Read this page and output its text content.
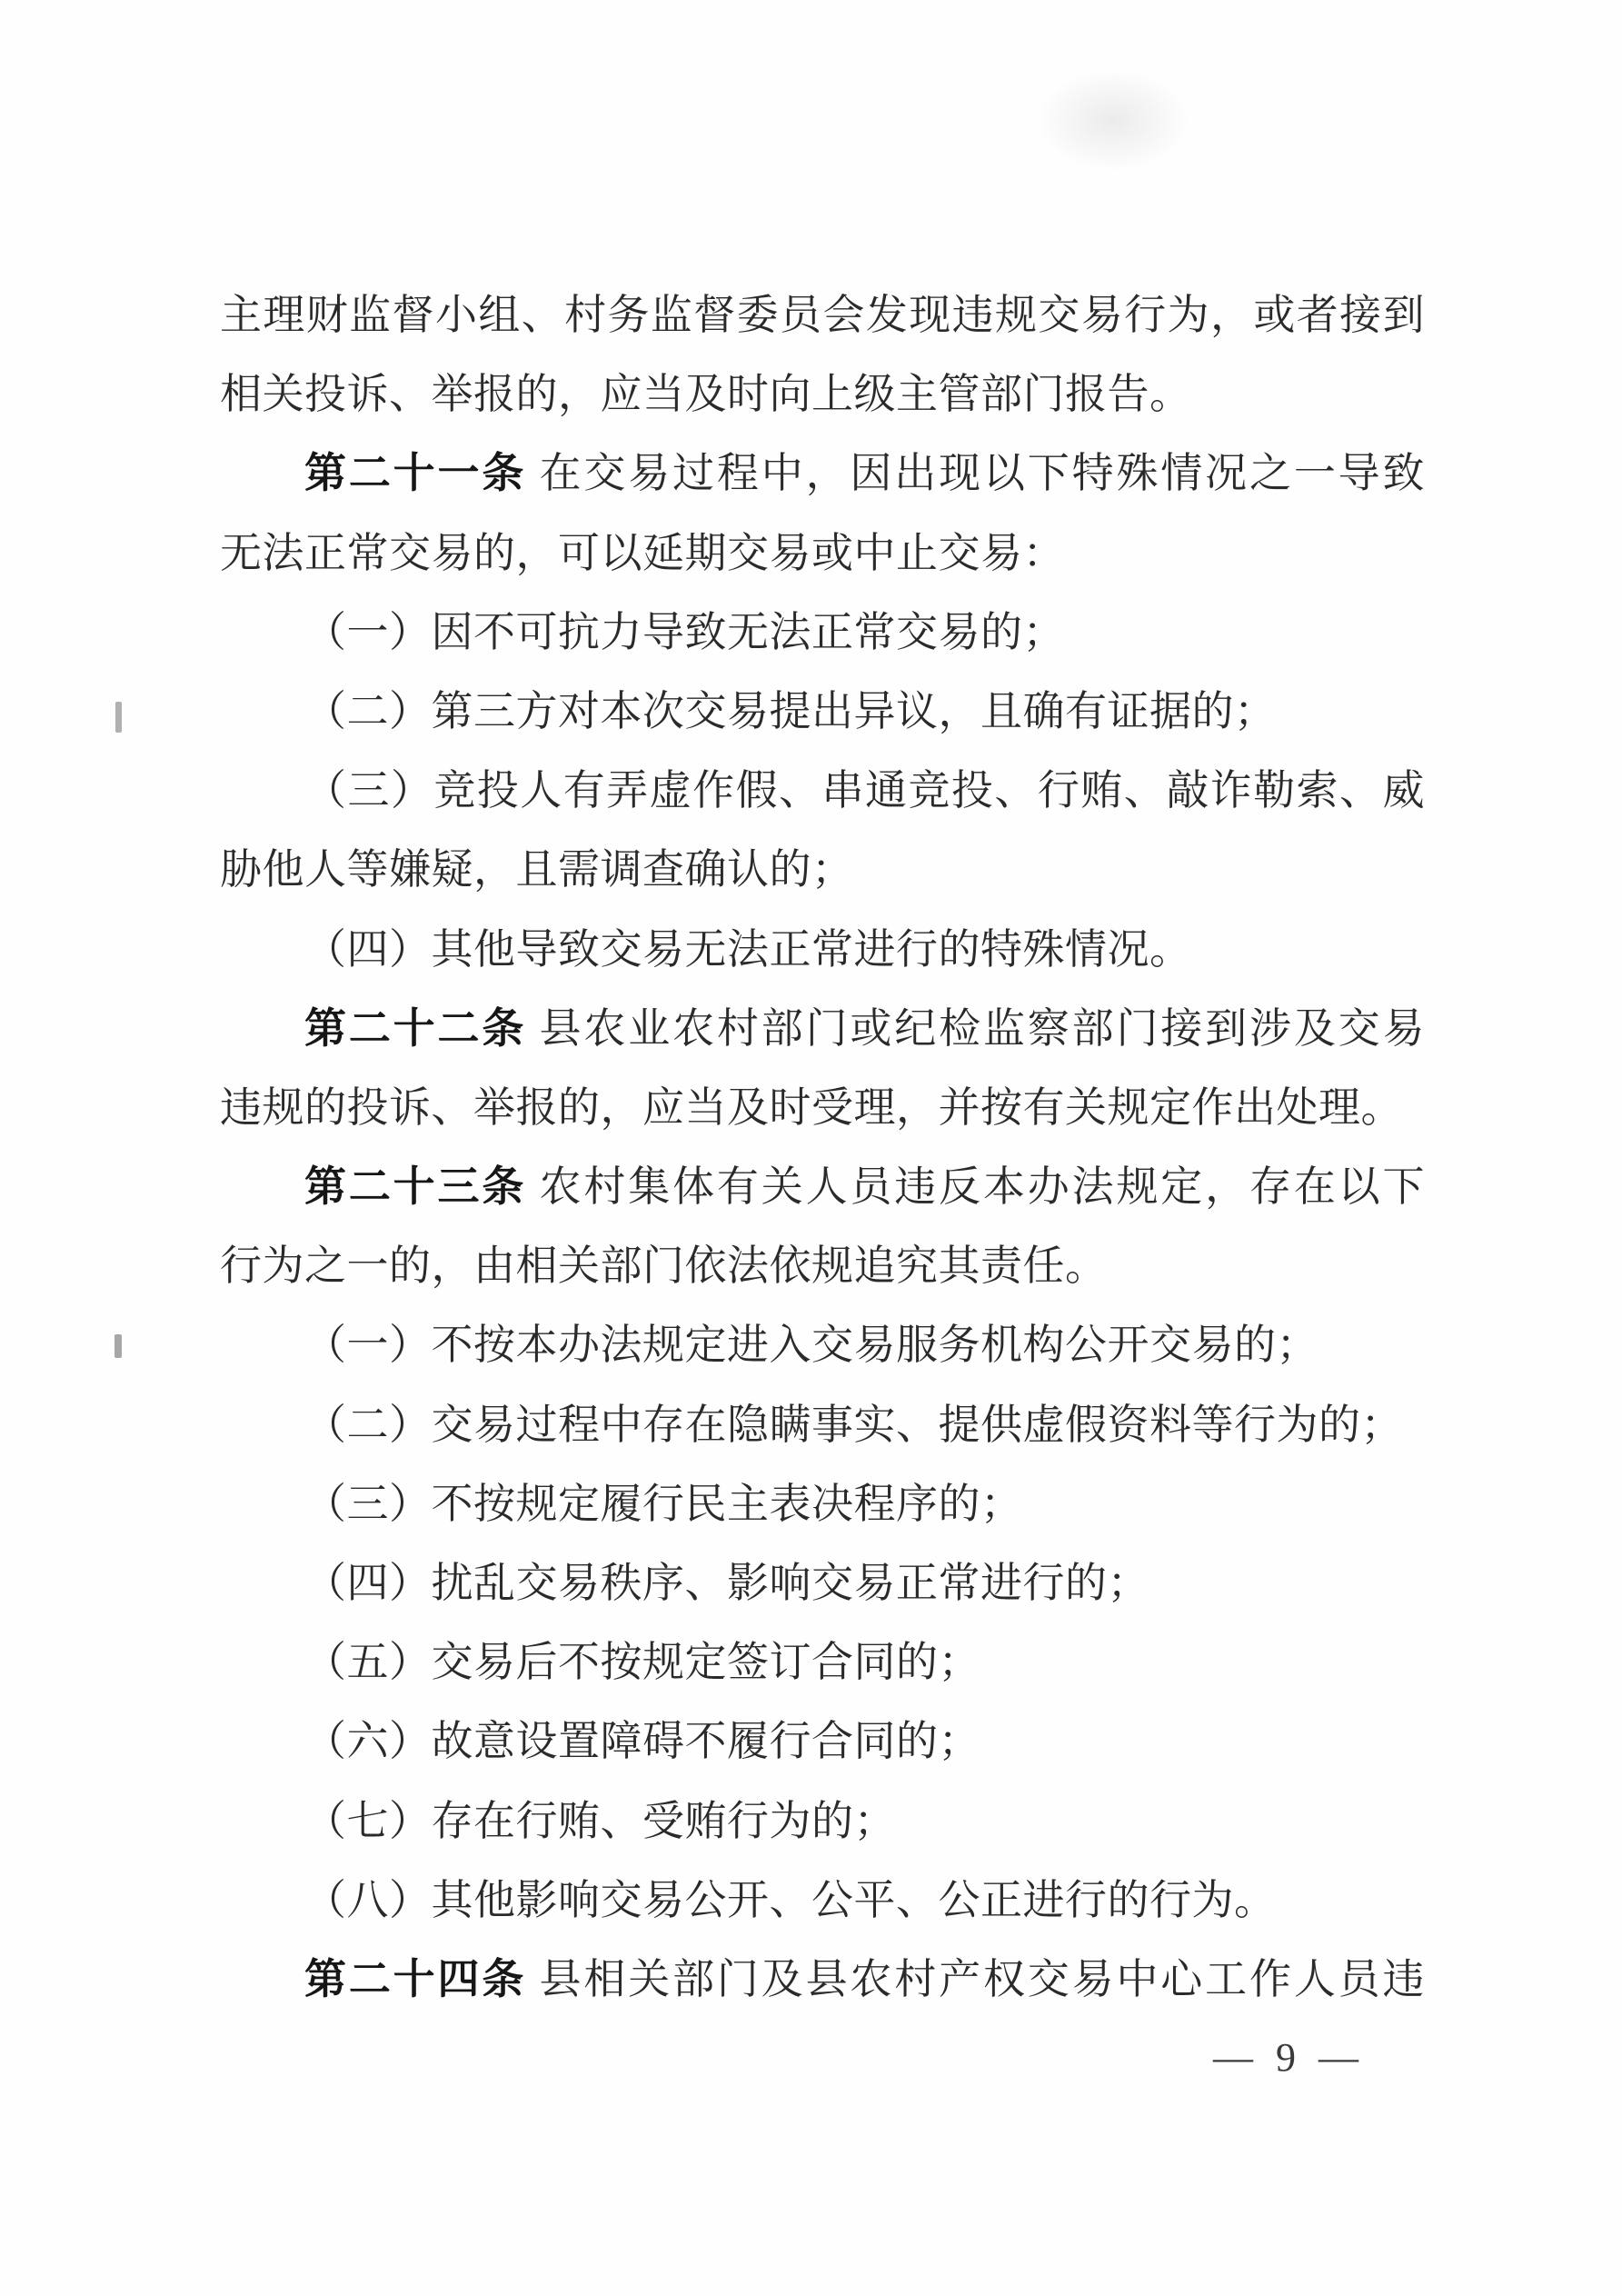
主理财监督小组、村务监督委员会发现违规交易行为，或者接到
相关投诉、举报的，应当及时向上级主管部门报告。
第二十一条 在交易过程中，因出现以下特殊情况之一导致
无法正常交易的，可以延期交易或中止交易：
（一）因不可抗力导致无法正常交易的；
（二）第三方对本次交易提出异议，且确有证据的；
（三）竞投人有弄虚作假、串通竞投、行贿、敲诈勒索、威
胁他人等嫌疑，且需调查确认的；
（四）其他导致交易无法正常进行的特殊情况。
第二十二条 县农业农村部门或纪检监察部门接到涉及交易
违规的投诉、举报的，应当及时受理，并按有关规定作出处理。
第二十三条 农村集体有关人员违反本办法规定，存在以下
行为之一的，由相关部门依法依规追究其责任。
（一）不按本办法规定进入交易服务机构公开交易的；
（二）交易过程中存在隐瞒事实、提供虚假资料等行为的；
（三）不按规定履行民主表决程序的；
（四）扰乱交易秩序、影响交易正常进行的；
（五）交易后不按规定签订合同的；
（六）故意设置障碍不履行合同的；
（七）存在行贿、受贿行为的；
（八）其他影响交易公开、公平、公正进行的行为。
第二十四条 县相关部门及县农村产权交易中心工作人员违
— 9 —
